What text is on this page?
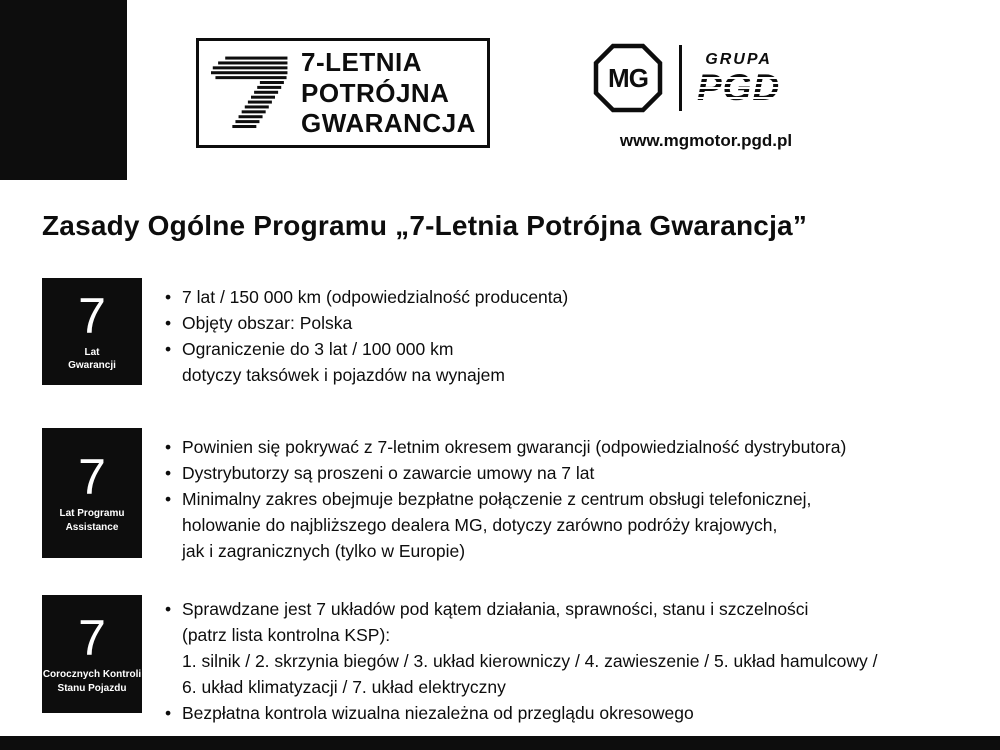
7-LETNIA
POTRÓJNA
GWARANCJA
MG
GRUPA
PGD
www.mgmotor.pgd.pl
Zasady Ogólne Programu „7-Letnia Potrójna Gwarancja”
7
Lat
Gwarancji
• 7 lat / 150 000 km (odpowiedzialność producenta)
• Objęty obszar: Polska
• Ograniczenie do 3 lat / 100 000 km
dotyczy taksówek i pojazdów na wynajem
7
Lat Programu
Assistance
• Powinien się pokrywać z 7-letnim okresem gwarancji (odpowiedzialność dystrybutora)
• Dystrybutorzy są proszeni o zawarcie umowy na 7 lat
• Minimalny zakres obejmuje bezpłatne połączenie z centrum obsługi telefonicznej,
holowanie do najbliższego dealera MG, dotyczy zarówno podróży krajowych,
jak i zagranicznych (tylko w Europie)
7
Corocznych Kontroli
Stanu Pojazdu
• Sprawdzane jest 7 układów pod kątem działania, sprawności, stanu i szczelności
(patrz lista kontrolna KSP):
1. silnik / 2. skrzynia biegów / 3. układ kierowniczy / 4. zawieszenie / 5. układ hamulcowy /
6. układ klimatyzacji / 7. układ elektryczny
• Bezpłatna kontrola wizualna niezależna od przeglądu okresowego
